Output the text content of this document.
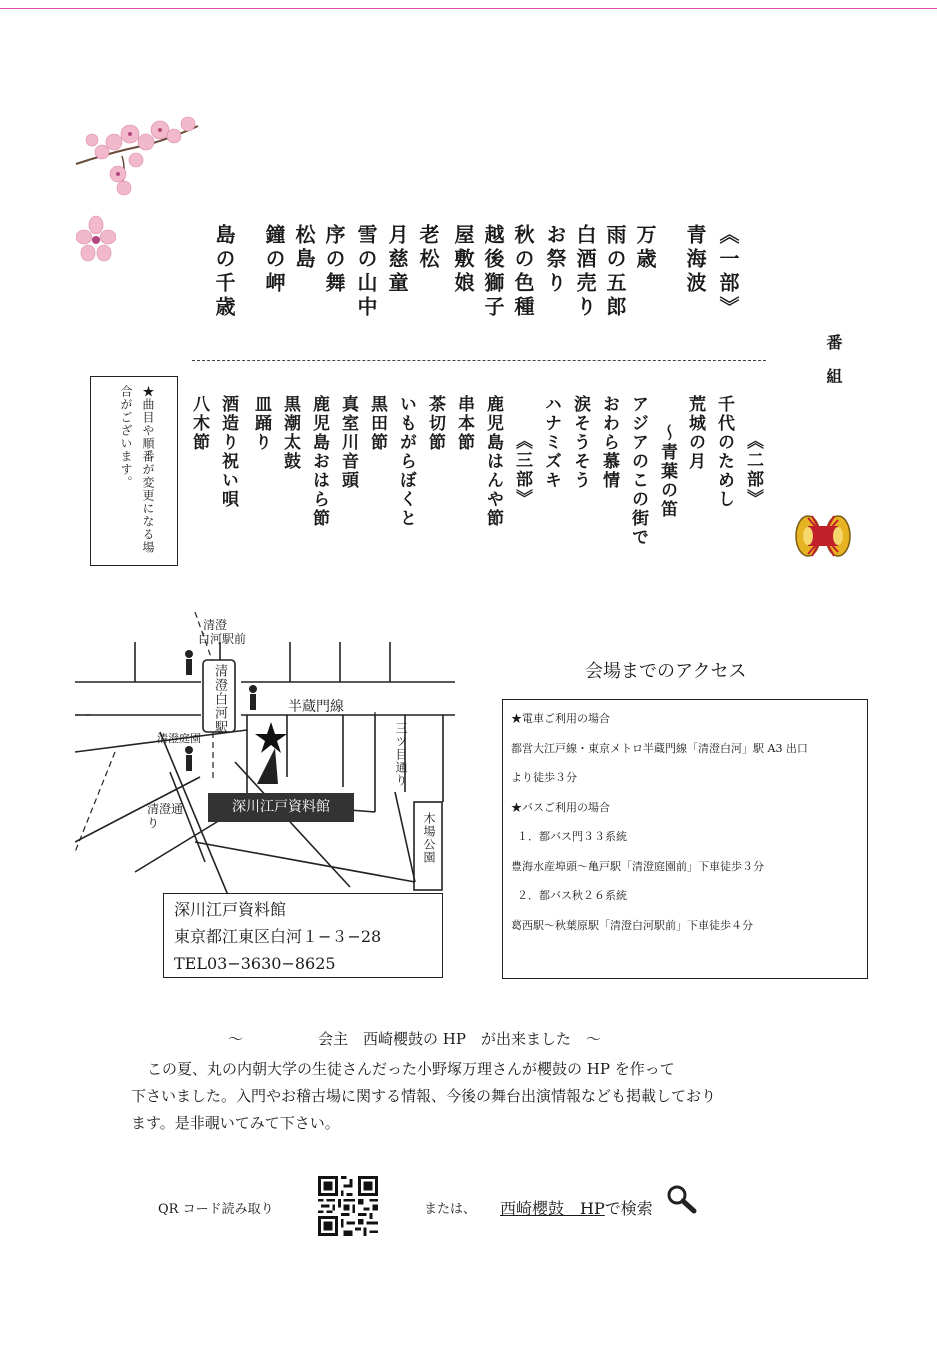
番組
《一部》
青海波
万歳
雨の五郎
白酒売り
お祭り
秋の色種
越後獅子
屋敷娘
老松
月慈童
雪の山中
序の舞
松島
鐘の岬
島の千歳
《二部》
千代のためし
荒城の月
～青葉の笛
アジアのこの街で
おわら慕情
涙そうそう
ハナミズキ
《三部》
鹿児島はんや節
串本節
茶切節
いもがらぼくと
黒田節
真室川音頭
鹿児島おはら節
黒潮太鼓
皿踊り
酒造り祝い唄
八木節
★曲目や順番が変更になる場合がございます。
清澄
白河駅前
清澄白河駅	半蔵門線
清澄庭園	三ツ目通り
木場公園
清澄通り
深川江戸資料館
深川江戸資料館
東京都江東区白河１−３−28
TEL03−3630−8625
会場までのアクセス
★電車ご利用の場合
都営大江戸線・東京メトロ半蔵門線「清澄白河」駅 A3 出口
より徒歩３分
★バスご利用の場合
１．都バス門３３系統
豊海水産埠頭～亀戸駅「清澄庭園前」下車徒歩３分
２．都バス秋２６系統
葛西駅～秋葉原駅「清澄白河駅前」下車徒歩４分
～　　　　　会主　西崎櫻鼓の HP　が出来ました　～
この夏、丸の内朝大学の生徒さんだった小野塚万理さんが櫻鼓の HP を作って
下さいました。入門やお稽古場に関する情報、今後の舞台出演情報なども掲載しており
ます。是非覗いてみて下さい。
QR コード読み取り	または、 西崎櫻鼓　HPで検索
